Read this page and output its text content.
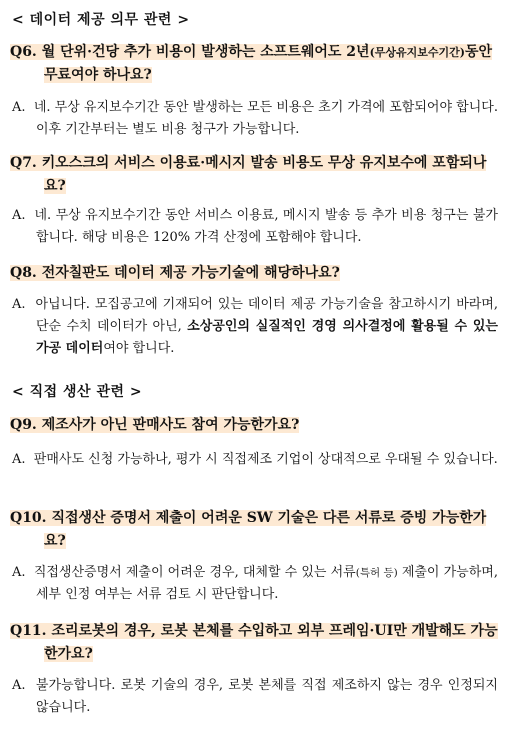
< 데이터 제공 의무 관련 >
Q6. 월 단위·건당 추가 비용이 발생하는 소프트웨어도 2년(무상유지보수기간)동안 무료여야 하나요?
A. 네. 무상 유지보수기간 동안 발생하는 모든 비용은 초기 가격에 포함되어야 합니다. 이후 기간부터는 별도 비용 청구가 가능합니다.
Q7. 키오스크의 서비스 이용료·메시지 발송 비용도 무상 유지보수에 포함되나요?
A. 네. 무상 유지보수기간 동안 서비스 이용료, 메시지 발송 등 추가 비용 청구는 불가합니다. 해당 비용은 120% 가격 산정에 포함해야 합니다.
Q8. 전자칠판도 데이터 제공 가능기술에 해당하나요?
A. 아닙니다. 모집공고에 기재되어 있는 데이터 제공 가능기술을 참고하시기 바라며, 단순 수치 데이터가 아닌, 소상공인의 실질적인 경영 의사결정에 활용될 수 있는 가공 데이터여야 합니다.
< 직접 생산 관련 >
Q9. 제조사가 아닌 판매사도 참여 가능한가요?
A. 판매사도 신청 가능하나, 평가 시 직접제조 기업이 상대적으로 우대될 수 있습니다.
Q10. 직접생산 증명서 제출이 어려운 SW 기술은 다른 서류로 증빙 가능한가요?
A. 직접생산증명서 제출이 어려운 경우, 대체할 수 있는 서류(특허 등) 제출이 가능하며, 세부 인정 여부는 서류 검토 시 판단합니다.
Q11. 조리로봇의 경우, 로봇 본체를 수입하고 외부 프레임·UI만 개발해도 가능한가요?
A. 불가능합니다. 로봇 기술의 경우, 로봇 본체를 직접 제조하지 않는 경우 인정되지 않습니다.
